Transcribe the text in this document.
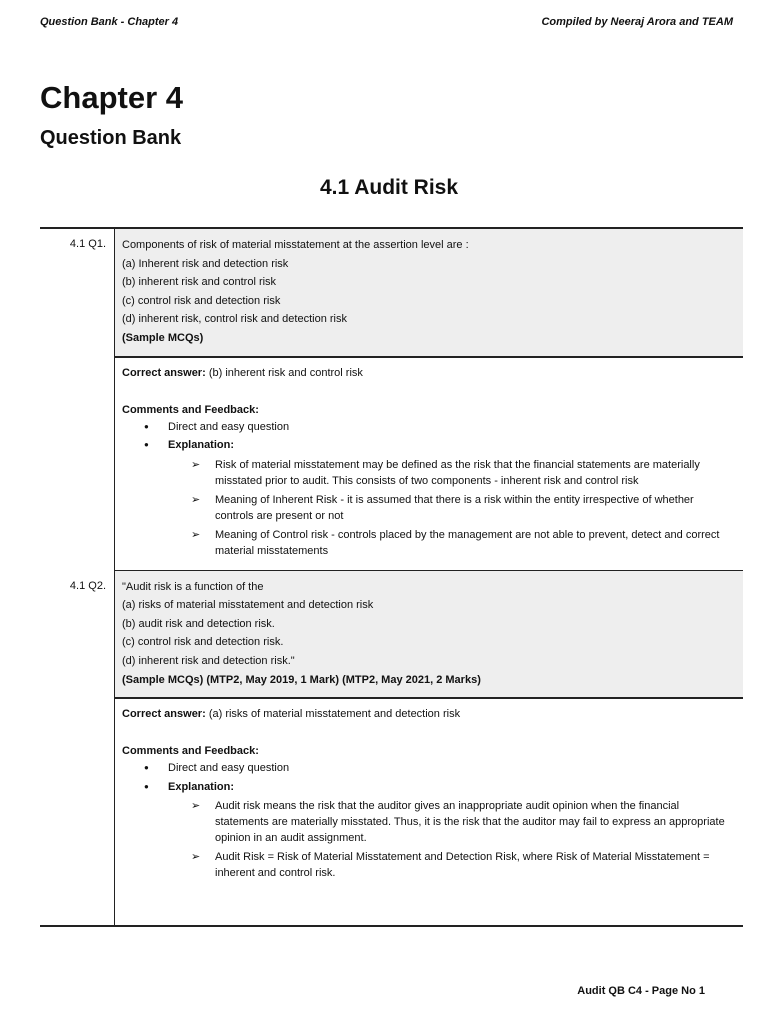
Question Bank - Chapter 4	Compiled by Neeraj Arora and TEAM
Chapter 4
Question Bank
4.1 Audit Risk
4.1 Q1.	Components of risk of material misstatement at the assertion level are :
(a) Inherent risk and detection risk
(b) inherent risk and control risk
(c) control risk and detection risk
(d) inherent risk, control risk and detection risk
(Sample MCQs)
Correct answer: (b) inherent risk and control risk
Comments and Feedback:
● Direct and easy question
● Explanation:
➢ Risk of material misstatement may be defined as the risk that the financial statements are materially misstated prior to audit. This consists of two components - inherent risk and control risk
➢ Meaning of Inherent Risk - it is assumed that there is a risk within the entity irrespective of whether controls are present or not
➢ Meaning of Control risk - controls placed by the management are not able to prevent, detect and correct material misstatements
4.1 Q2.	"Audit risk is a function of the
(a) risks of material misstatement and detection risk
(b) audit risk and detection risk.
(c) control risk and detection risk.
(d) inherent risk and detection risk."
(Sample MCQs) (MTP2, May 2019, 1 Mark) (MTP2, May 2021, 2 Marks)
Correct answer: (a) risks of material misstatement and detection risk
Comments and Feedback:
● Direct and easy question
● Explanation:
➢ Audit risk means the risk that the auditor gives an inappropriate audit opinion when the financial statements are materially misstated. Thus, it is the risk that the auditor may fail to express an appropriate opinion in an audit assignment.
➢ Audit Risk = Risk of Material Misstatement and Detection Risk, where Risk of Material Misstatement = inherent and control risk.
Audit QB C4 - Page No 1
